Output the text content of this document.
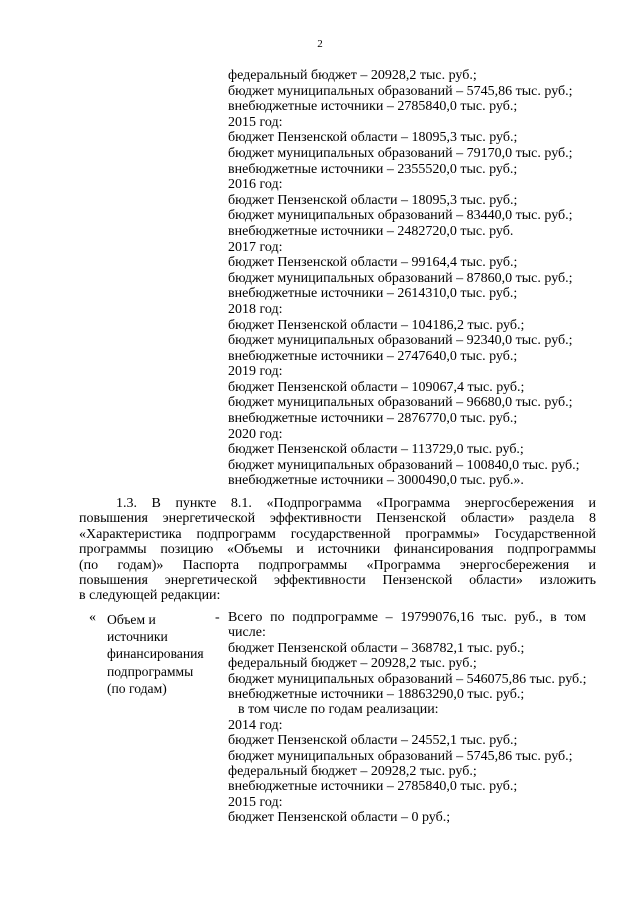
2
федеральный бюджет – 20928,2 тыс. руб.;
бюджет муниципальных образований – 5745,86 тыс. руб.;
внебюджетные источники – 2785840,0 тыс. руб.;
2015 год:
бюджет Пензенской области – 18095,3 тыс. руб.;
бюджет муниципальных образований – 79170,0 тыс. руб.;
внебюджетные источники – 2355520,0 тыс. руб.;
2016 год:
бюджет Пензенской области – 18095,3 тыс. руб.;
бюджет муниципальных образований – 83440,0 тыс. руб.;
внебюджетные источники – 2482720,0 тыс. руб.
2017 год:
бюджет Пензенской области – 99164,4 тыс. руб.;
бюджет муниципальных образований – 87860,0 тыс. руб.;
внебюджетные источники – 2614310,0 тыс. руб.;
2018 год:
бюджет Пензенской области – 104186,2 тыс. руб.;
бюджет муниципальных образований – 92340,0 тыс. руб.;
внебюджетные источники – 2747640,0 тыс. руб.;
2019 год:
бюджет Пензенской области – 109067,4 тыс. руб.;
бюджет муниципальных образований – 96680,0 тыс. руб.;
внебюджетные источники – 2876770,0 тыс. руб.;
2020 год:
бюджет Пензенской области – 113729,0 тыс. руб.;
бюджет муниципальных образований – 100840,0 тыс. руб.;
внебюджетные источники – 3000490,0 тыс. руб.».
1.3. В пункте 8.1. «Подпрограмма «Программа энергосбережения и
повышения энергетической эффективности Пензенской области» раздела 8
«Характеристика подпрограмм государственной программы» Государственной
программы позицию «Объемы и источники финансирования подпрограммы
(по годам)» Паспорта подпрограммы «Программа энергосбережения и
повышения энергетической эффективности Пензенской области» изложить
в следующей редакции:
« Объем и
источники
финансирования
подпрограммы
(по годам)
- Всего по подпрограмме – 19799076,16 тыс. руб., в том
числе:
бюджет Пензенской области – 368782,1 тыс. руб.;
федеральный бюджет – 20928,2 тыс. руб.;
бюджет муниципальных образований – 546075,86 тыс. руб.;
внебюджетные источники – 18863290,0 тыс. руб.;
в том числе по годам реализации:
2014 год:
бюджет Пензенской области – 24552,1 тыс. руб.;
бюджет муниципальных образований – 5745,86 тыс. руб.;
федеральный бюджет – 20928,2 тыс. руб.;
внебюджетные источники – 2785840,0 тыс. руб.;
2015 год:
бюджет Пензенской области – 0 руб.;
